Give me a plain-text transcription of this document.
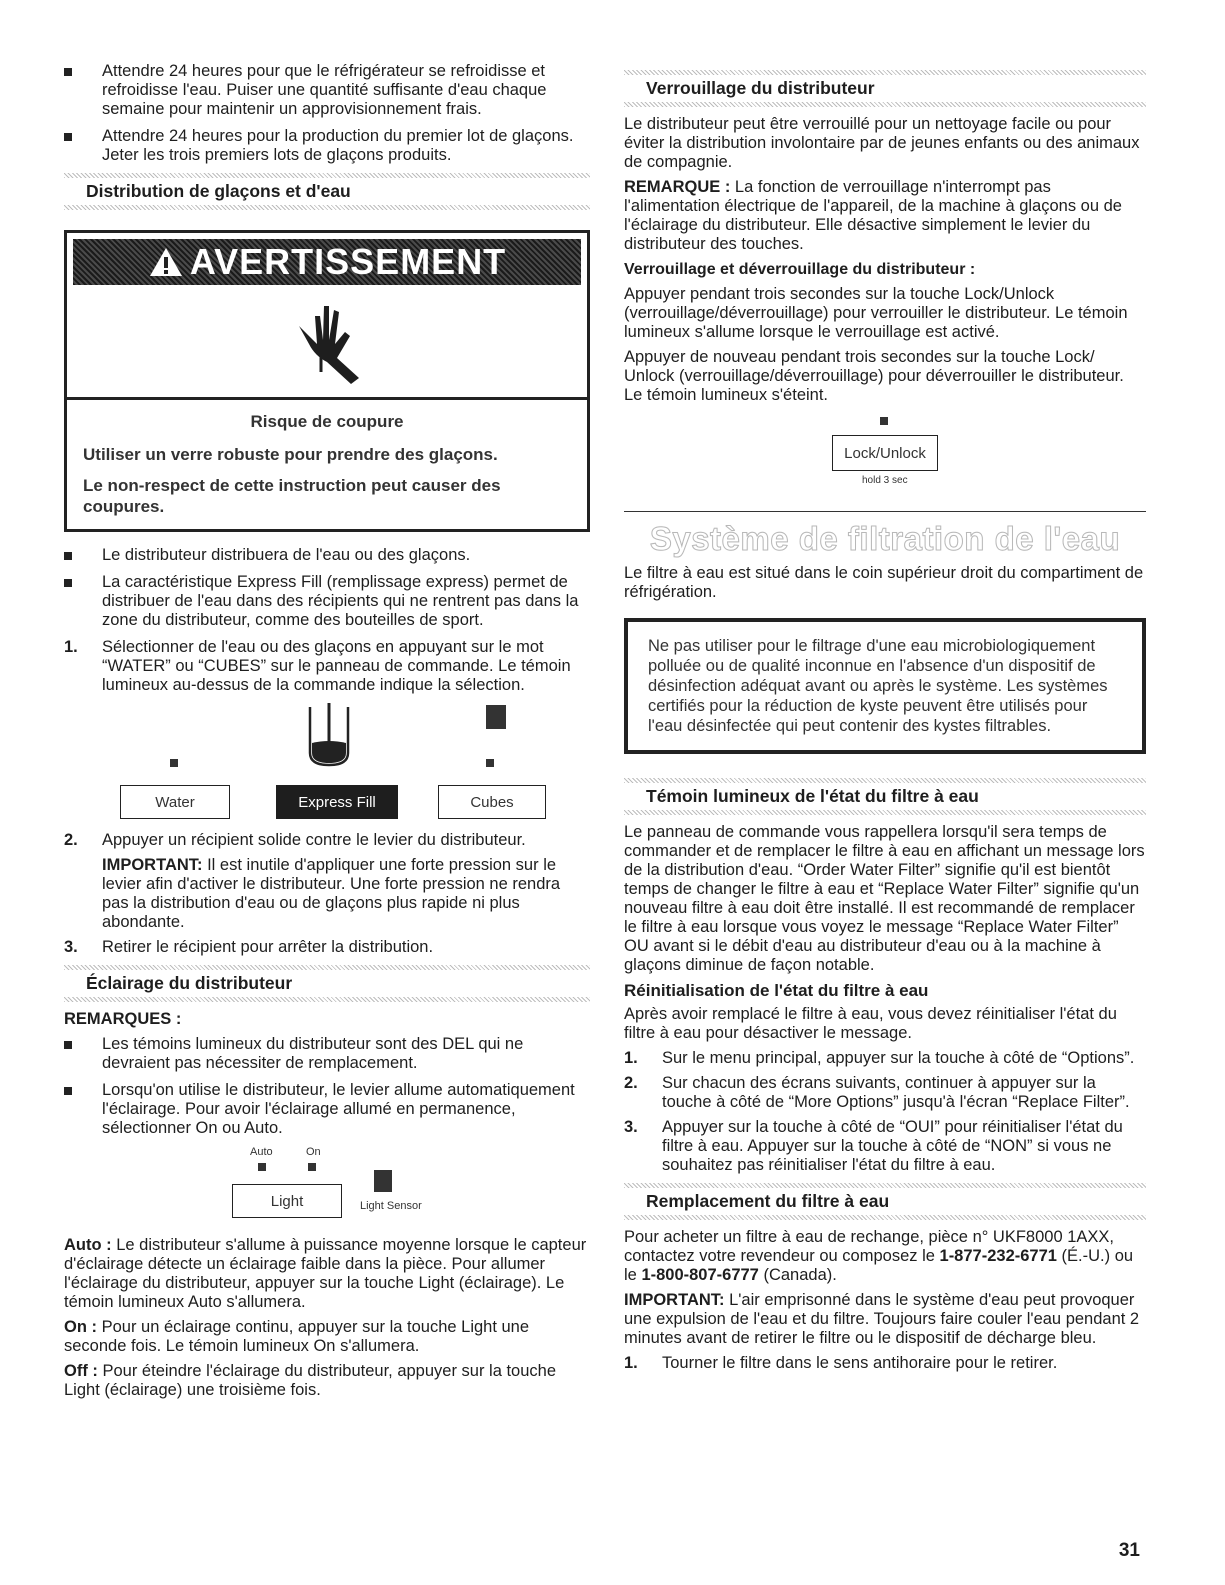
Attendre 24 heures pour que le réfrigérateur se refroidisse et refroidisse l'eau. Puiser une quantité suffisante d'eau chaque semaine pour maintenir un approvisionnement frais.
Attendre 24 heures pour la production du premier lot de glaçons. Jeter les trois premiers lots de glaçons produits.
Distribution de glaçons et d'eau
AVERTISSEMENT
Risque de coupure
Utiliser un verre robuste pour prendre des glaçons.
Le non-respect de cette instruction peut causer des coupures.
Le distributeur distribuera de l'eau ou des glaçons.
La caractéristique Express Fill (remplissage express) permet de distribuer de l'eau dans des récipients qui ne rentrent pas dans la zone du distributeur, comme des bouteilles de sport.
1. Sélectionner de l'eau ou des glaçons en appuyant sur le mot “WATER” ou “CUBES” sur le panneau de commande. Le témoin lumineux au-dessus de la commande indique la sélection.
Water	Express Fill	Cubes
2. Appuyer un récipient solide contre le levier du distributeur.

IMPORTANT: Il est inutile d'appliquer une forte pression sur le levier afin d'activer le distributeur. Une forte pression ne rendra pas la distribution d'eau ou de glaçons plus rapide ni plus abondante.

3. Retirer le récipient pour arrêter la distribution.
Éclairage du distributeur

REMARQUES :

Les témoins lumineux du distributeur sont des DEL qui ne devraient pas nécessiter de remplacement.
Lorsqu'on utilise le distributeur, le levier allume automatiquement l'éclairage. Pour avoir l'éclairage allumé en permanence, sélectionner On ou Auto.
Auto	On
Light	Light Sensor

Auto : Le distributeur s'allume à puissance moyenne lorsque le capteur d'éclairage détecte un éclairage faible dans la pièce. Pour allumer l'éclairage du distributeur, appuyer sur la touche Light (éclairage). Le témoin lumineux Auto s'allumera.

On : Pour un éclairage continu, appuyer sur la touche Light une seconde fois. Le témoin lumineux On s'allumera.

Off : Pour éteindre l'éclairage du distributeur, appuyer sur la touche Light (éclairage) une troisième fois.

Verrouillage du distributeur

Le distributeur peut être verrouillé pour un nettoyage facile ou pour éviter la distribution involontaire par de jeunes enfants ou des animaux de compagnie.

REMARQUE : La fonction de verrouillage n'interrompt pas l'alimentation électrique de l'appareil, de la machine à glaçons ou de l'éclairage du distributeur. Elle désactive simplement le levier du distributeur des touches.

Verrouillage et déverrouillage du distributeur :

Appuyer pendant trois secondes sur la touche Lock/Unlock (verrouillage/déverrouillage) pour verrouiller le distributeur. Le témoin lumineux s'allume lorsque le verrouillage est activé.

Appuyer de nouveau pendant trois secondes sur la touche Lock/ Unlock (verrouillage/déverrouillage) pour déverrouiller le distributeur. Le témoin lumineux s'éteint.

Lock/Unlock
hold 3 sec
Système de filtration de l'eau

Le filtre à eau est situé dans le coin supérieur droit du compartiment de réfrigération.

Ne pas utiliser pour le filtrage d'une eau microbiologiquement polluée ou de qualité inconnue en l'absence d'un dispositif de désinfection adéquat avant ou après le système. Les systèmes certifiés pour la réduction de kyste peuvent être utilisés pour l'eau désinfectée qui peut contenir des kystes filtrables.
Témoin lumineux de l'état du filtre à eau

Le panneau de commande vous rappellera lorsqu'il sera temps de commander et de remplacer le filtre à eau en affichant un message lors de la distribution d'eau. “Order Water Filter” signifie qu'il est bientôt temps de changer le filtre à eau et “Replace Water Filter” signifie qu'un nouveau filtre à eau doit être installé. Il est recommandé de remplacer le filtre à eau lorsque vous voyez le message “Replace Water Filter” OU avant si le débit d'eau au distributeur d'eau ou à la machine à glaçons diminue de façon notable.

Réinitialisation de l'état du filtre à eau

Après avoir remplacé le filtre à eau, vous devez réinitialiser l'état du filtre à eau pour désactiver le message.

1. Sur le menu principal, appuyer sur la touche à côté de “Options”.
2. Sur chacun des écrans suivants, continuer à appuyer sur la touche à côté de “More Options” jusqu'à l'écran “Replace Filter”.
3. Appuyer sur la touche à côté de “OUI” pour réinitialiser l'état du filtre à eau. Appuyer sur la touche à côté de “NON” si vous ne souhaitez pas réinitialiser l'état du filtre à eau.
Remplacement du filtre à eau

Pour acheter un filtre à eau de rechange, pièce n° UKF8000 1AXX, contactez votre revendeur ou composez le 1-877-232-6771 (É.-U.) ou le 1-800-807-6777 (Canada).

IMPORTANT: L'air emprisonné dans le système d'eau peut provoquer une expulsion de l'eau et du filtre. Toujours faire couler l'eau pendant 2 minutes avant de retirer le filtre ou le dispositif de décharge bleu.

1. Tourner le filtre dans le sens antihoraire pour le retirer.
31
